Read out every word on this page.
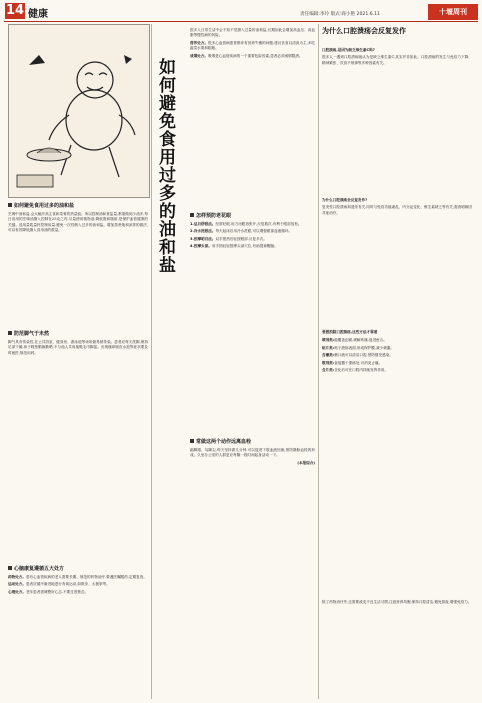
14 健康	责任编辑:李玲 版式:商小艳 2021.6.11	十堰周刊
如何避免食用过多的油和盐
烹调中油和盐,会大幅升高主食和菜肴的热量值。所以控制油和食盐量,都需做到少油多,每日食用的烹调油摄入控制在25克之内,尽量使用植物油,降低饱和脂肪,是保护血管健康的关键。选用量匙量杯控制用量,避免一次性倒入过多的油和盐。增加蒸煮炖和凉拌的做法,可以有效降低摄入食用油的数量。
防范脚气于未然
脚气具有传染性,在公共浴室、健身房、游泳池等场所最易被传染。患者应每天洗脚,保持足部干燥,袜子鞋垫勤换勤晒,不与他人共用拖鞋毛巾脚盆。出现瘙痒脱皮水泡等症状要及时就医,规范用药。
心脑康复遵循五大处方
药物处方。患有心血管疾病的老人需要长期、规范的药物治疗,要遵医嘱服药,定期复查。
运动处方。患者应循序渐进地进行有氧运动,如散步、太极拳等。
心理处方。老年患者需调整好心态,不要过度焦虑。
如何避免食用过多的油和盐
很多人日常生活中会不知不觉摄入过量的油和盐,长期如此会增加高血压、高血脂等慢性病的风险。
营养处方。很多心血管病患者都伴有营养失衡的问题,建议饮食以清淡为主,多吃蔬菜水果和粗粮。
戒烟处方。吸烟是心血管疾病的一个重要危险因素,患者必须戒烟限酒。
怎样预防老花眼
1.运目舒眼法。经常眨眼,用力闭眼再张开,反复数次,有利于眼部放松。
2.冷水洗眼法。每天起床后用冷水洗眼,可以增强眼部血液循环。
3.按摩明目法。双手搓热后轻按眼部,反复多次。
4.按摩头部。用手指轻轻按摩头部穴位,有助提神醒脑。
常做这两个动作远离血栓
踮脚跟、勾脚尖,每天坚持做几分钟,可以促进下肢血液回流,预防静脉血栓的形成。久坐办公室的人群更应每隔一段时间起身活动一下。
(本报综合)
为什么口腔溃疡会反复发作
口腔溃疡,是因为缺乏维生素C吗?
很多人一遇到口腔溃疡就认为是缺乏维生素C,其实并非如此。口腔溃疡的发生与免疫力下降、精神紧张、饮食不规律等多种因素有关。
为什么口腔溃疡会反复发作?
复发性口腔溃疡和遗传有关,同时与免疫功能紊乱、内分泌变化、维生素缺乏等有关,需查明病因对症治疗。
要想消除口腔溃疡,这些方法才靠谱
喷剂类:能覆盖创面,缓解疼痛,促进愈合。
贴片类:贴于溃疡表面,形成保护膜,减少刺激。
含漱类:漱口液可以清洁口腔,预防继发感染。
散剂类:直接撒于溃疡处,可消炎止痛。
含片类:含化后可在口腔内持续发挥作用。
除了药物治疗外,还需要改变不良生活习惯,注意营养均衡,保持口腔清洁,避免熬夜,增强免疫力。
